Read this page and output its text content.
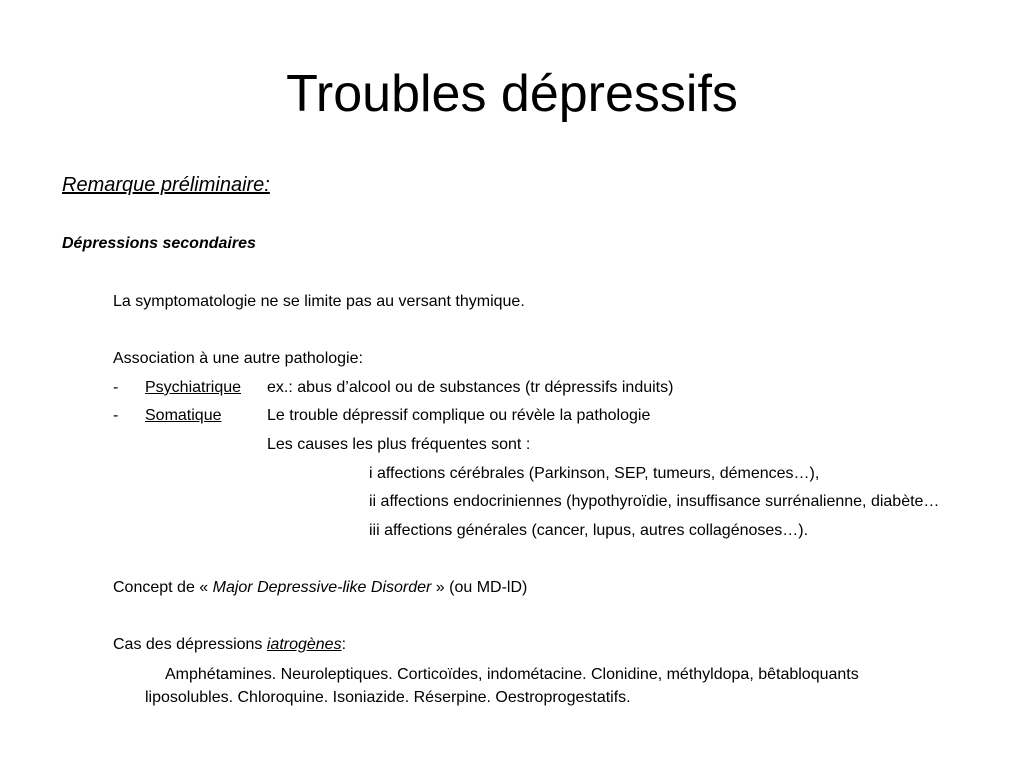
Troubles dépressifs
Remarque préliminaire:
Dépressions secondaires
La symptomatologie ne se limite pas au versant thymique.
Association à une autre pathologie:
- Psychiatrique ex.: abus d’alcool ou de substances (tr dépressifs induits)
- Somatique	Le trouble dépressif complique ou révèle la pathologie
Les causes les plus fréquentes sont :
i affections cérébrales (Parkinson, SEP, tumeurs, démences…),
ii affections endocriniennes (hypothyroïdie, insuffisance surrénalienne, diabète…
iii affections générales (cancer, lupus, autres collagénoses…).
Concept de « Major Depressive-like Disorder » (ou MD-lD)
Cas des dépressions iatrogènes:
Amphétamines. Neuroleptiques. Corticoïdes, indométacine. Clonidine, méthyldopa, bêtabloquants
liposolubles. Chloroquine. Isoniazide. Réserpine. Oestroprogestatifs.
